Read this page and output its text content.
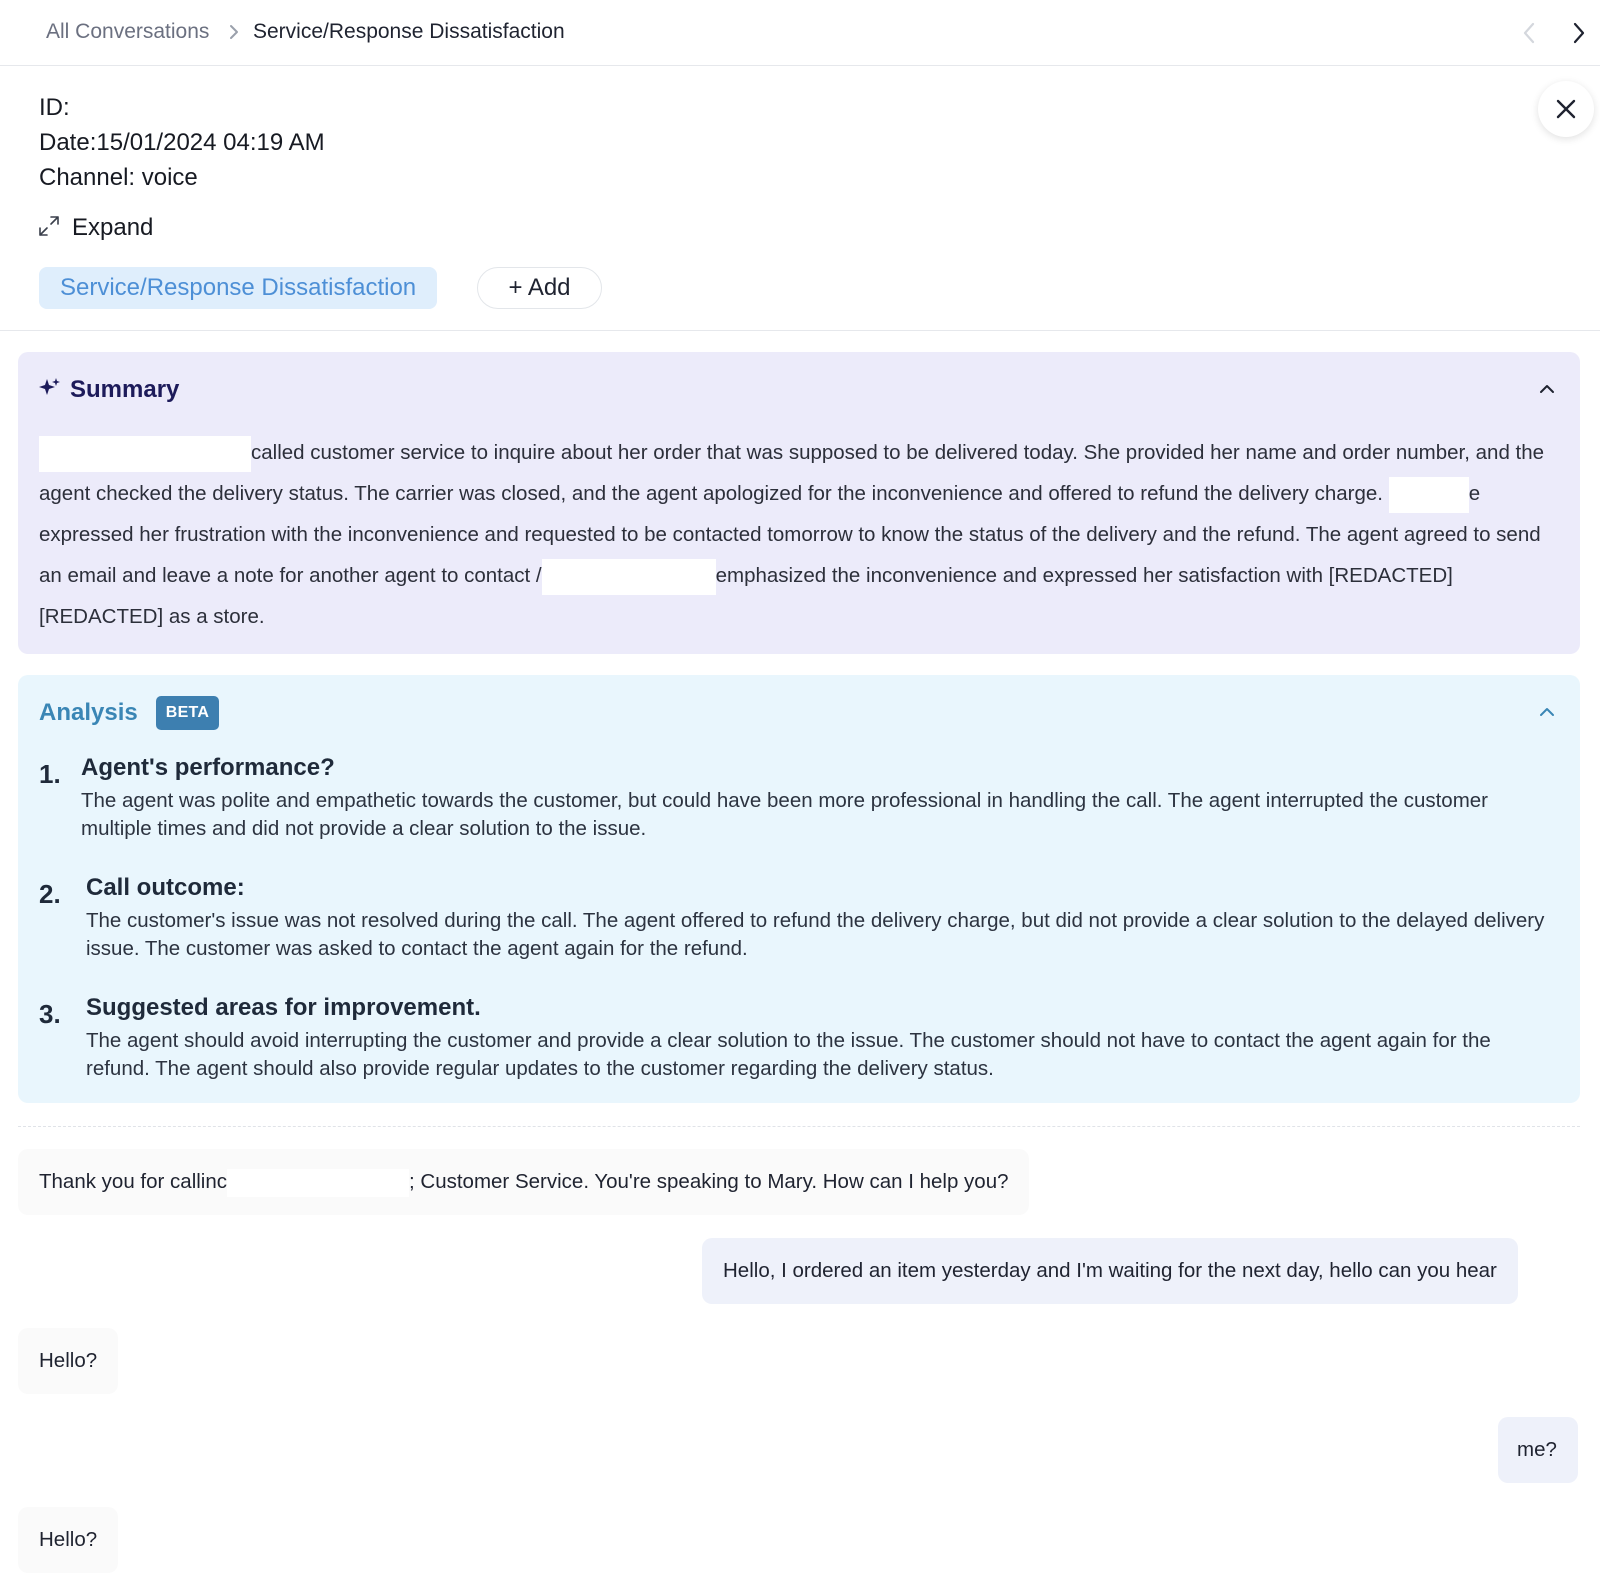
All Conversations Service/Response Dissatisfaction
ID:
Date:15/01/2024 04:19 AM
Channel: voice
Expand
Service/Response Dissatisfaction	+ Add
Summary
called customer service to inquire about her order that was supposed to be delivered today. She provided her name and order number, and the agent checked the delivery status. The carrier was closed, and the agent apologized for the inconvenience and offered to refund the delivery charge.	e expressed her frustration with the inconvenience and requested to be contacted tomorrow to know the status of the delivery and the refund. The agent agreed to send an email and leave a note for another agent to contact /	emphasized the inconvenience and expressed her satisfaction with [REDACTED] [REDACTED] as a store.
Analysis	BETA
1. Agent's performance?
The agent was polite and empathetic towards the customer, but could have been more professional in handling the call. The agent interrupted the customer multiple times and did not provide a clear solution to the issue.
2. Call outcome:
The customer's issue was not resolved during the call. The agent offered to refund the delivery charge, but did not provide a clear solution to the delayed delivery issue. The customer was asked to contact the agent again for the refund.
3. Suggested areas for improvement.
The agent should avoid interrupting the customer and provide a clear solution to the issue. The customer should not have to contact the agent again for the refund. The agent should also provide regular updates to the customer regarding the delivery status.
Thank you for callinc	; Customer Service. You're speaking to Mary. How can I help you?
Hello, I ordered an item yesterday and I'm waiting for the next day, hello can you hear
Hello?
me?
Hello?
